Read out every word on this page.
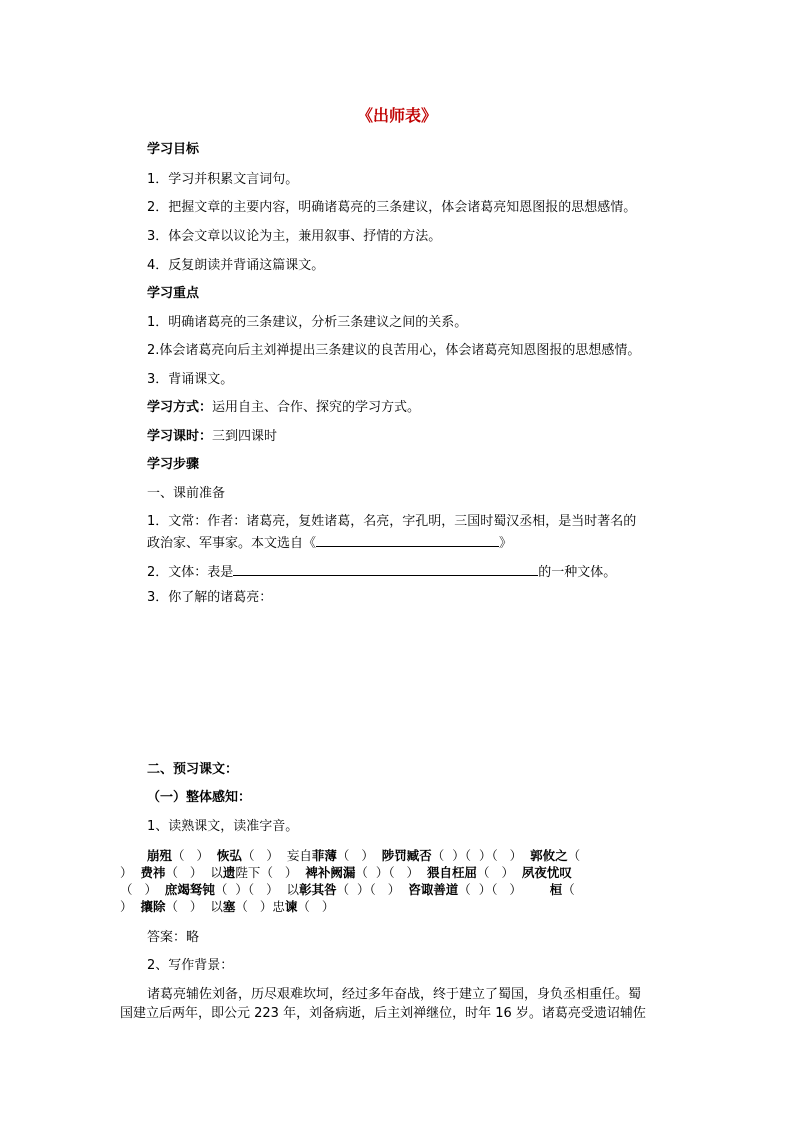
《出师表》
学习目标
1．学习并积累文言词句。
2．把握文章的主要内容，明确诸葛亮的三条建议，体会诸葛亮知恩图报的思想感情。
3．体会文章以议论为主，兼用叙事、抒情的方法。
4．反复朗读并背诵这篇课文。
学习重点
1．明确诸葛亮的三条建议，分析三条建议之间的关系。
2.体会诸葛亮向后主刘禅提出三条建议的良苦用心，体会诸葛亮知恩图报的思想感情。
3．背诵课文。
学习方式：运用自主、合作、探究的学习方式。
学习课时：三到四课时
学习步骤
一、课前准备
1．文常：作者：诸葛亮，复姓诸葛，名亮，字孔明，三国时蜀汉丞相，是当时著名的
政治家、军事家。本文选自《	》
2．文体：表是	的一种文体。
3．你了解的诸葛亮：
二、预习课文：
（一）整体感知：
1、读熟课文，读准字音。
崩殂（ ） 恢弘（ ） 妄自菲薄（ ） 陟罚臧否（ ）（ ）（ ） 郭攸之（
） 费祎（ ） 以遗陛下（ ） 裨补阙漏（ ）（ ） 猥自枉屈（ ） 夙夜忧叹
（ ） 庶竭驽钝（ ）（ ） 以彰其咎（ ）（ ） 咨诹善道（ ）（ ） 桓（
） 攘除（ ） 以塞（ ）忠谏（ ）
答案：略
2、写作背景：
诸葛亮辅佐刘备，历尽艰难坎坷，经过多年奋战，终于建立了蜀国，身负丞相重任。蜀
国建立后两年，即公元 223 年，刘备病逝，后主刘禅继位，时年 16 岁。诸葛亮受遗诏辅佐
